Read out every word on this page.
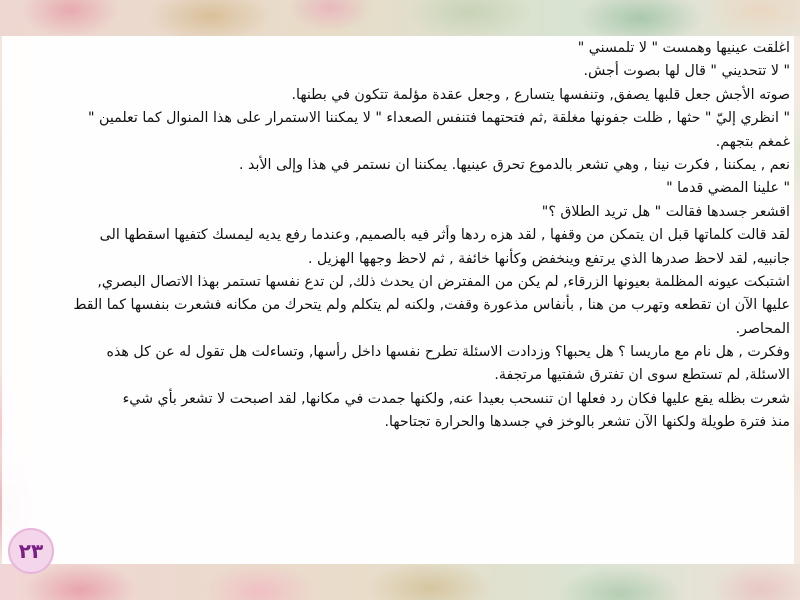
اغلقت عينيها وهمست " لا تلمسني "
" لا تتحديني " قال لها بصوت أجش.
صوته الأجش جعل قلبها يصفق, وتنفسها يتسارع , وجعل عقدة مؤلمة تتكون في بطنها.
" انظري إليّ " حثها , ظلت جفونها مغلقة ,ثم فتحتهما فتنفس الصعداء " لا يمكننا الاستمرار على هذا المنوال كما تعلمين "
غمغم بتجهم.
نعم , يمكننا , فكرت نينا , وهي تشعر بالدموع تحرق عينيها. يمكننا ان نستمر في هذا وإلى الأبد .
" علينا المضي قدما "
اقشعر جسدها فقالت " هل تريد الطلاق ؟"
لقد قالت كلماتها قبل ان يتمكن من وقفها , لقد هزه ردها وأثر فيه بالصميم, وعندما رفع يديه ليمسك كتفيها اسقطها الى
جانبيه, لقد لاحظ صدرها الذي يرتفع وينخفض وكأنها خائفة , ثم لاحظ وجهها الهزيل .
اشتبكت عيونه المظلمة بعيونها الزرقاء, لم يكن من المفترض ان يحدث ذلك, لن تدع نفسها تستمر بهذا الاتصال البصري,
عليها الآن ان تقطعه وتهرب من هنا , بأنفاس مذعورة وقفت, ولكنه لم يتكلم ولم يتحرك من مكانه فشعرت بنفسها كما القط
المحاصر.
وفكرت , هل نام مع ماريسا ؟ هل يحبها؟ وزدادت الاسئلة تطرح نفسها داخل رأسها, وتساءلت هل تقول له عن كل هذه
الاسئلة, لم تستطع سوى ان تفترق شفتيها مرتجفة.
شعرت بظله يقع عليها فكان رد فعلها ان تنسحب بعيدا عنه, ولكنها جمدت في مكانها, لقد اصبحت لا تشعر بأي شيء
منذ فترة طويلة ولكنها الآن تشعر بالوخز في جسدها والحرارة تجتاحها.
٢٣
